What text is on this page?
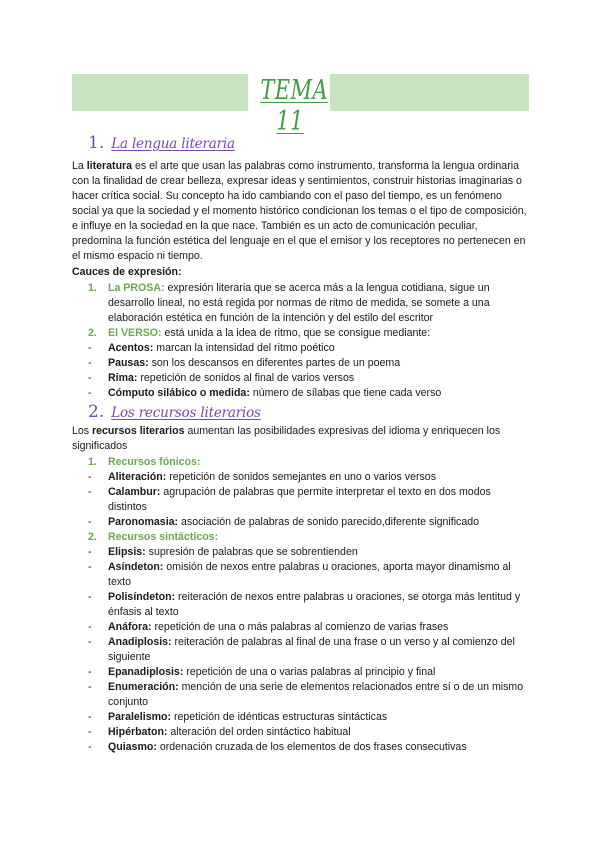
TEMA 11
1. La lengua literaria

La literatura es el arte que usan las palabras como instrumento, transforma la lengua ordinaria con la finalidad de crear belleza, expresar ideas y sentimientos, construir historias imaginarias o hacer crítica social. Su concepto ha ido cambiando con el paso del tiempo, es un fenómeno social ya que la sociedad y el momento histórico condicionan los temas o el tipo de composición, e influye en la sociedad en la que nace. También es un acto de comunicación peculiar, predomina la función estética del lenguaje en el que el emisor y los receptores no pertenecen en el mismo espacio ni tiempo.

Cauces de expresión:
1. La PROSA: expresión literaria que se acerca más a la lengua cotidiana, sigue un desarrollo lineal, no está regida por normas de ritmo de medida, se somete a una elaboración estética en función de la intención y del estilo del escritor
2. El VERSO: está unida a la idea de ritmo, que se consigue mediante:
- Acentos: marcan la intensidad del ritmo poético
- Pausas: son los descansos en diferentes partes de un poema
- Rima: repetición de sonidos al final de varios versos
- Cómputo silábico o medida: número de sílabas que tiene cada verso
2. Los recursos literarios

Los recursos literarios aumentan las posibilidades expresivas del idioma y enriquecen los significados

1. Recursos fónicos:
- Aliteración: repetición de sonidos semejantes en uno o varios versos
- Calambur: agrupación de palabras que permite interpretar el texto en dos modos distintos
- Paronomasia: asociación de palabras de sonido parecido,diferente significado
2. Recursos sintácticos:
- Elipsis: supresión de palabras que se sobrentienden
- Asíndeton: omisión de nexos entre palabras u oraciones, aporta mayor dinamismo al texto
- Polisíndeton: reiteración de nexos entre palabras u oraciones, se otorga más lentitud y énfasis al texto
- Anáfora: repetición de una o más palabras al comienzo de varias frases
- Anadiplosis: reiteración de palabras al final de una frase o un verso y al comienzo del siguiente
- Epanadiplosis: repetición de una o varias palabras al principio y final
- Enumeración: mención de una serie de elementos relacionados entre sí o de un mismo conjunto
- Paralelismo: repetición de idénticas estructuras sintácticas
- Hipérbaton: alteración del orden sintáctico habitual
- Quiasmo: ordenación cruzada de los elementos de dos frases consecutivas
